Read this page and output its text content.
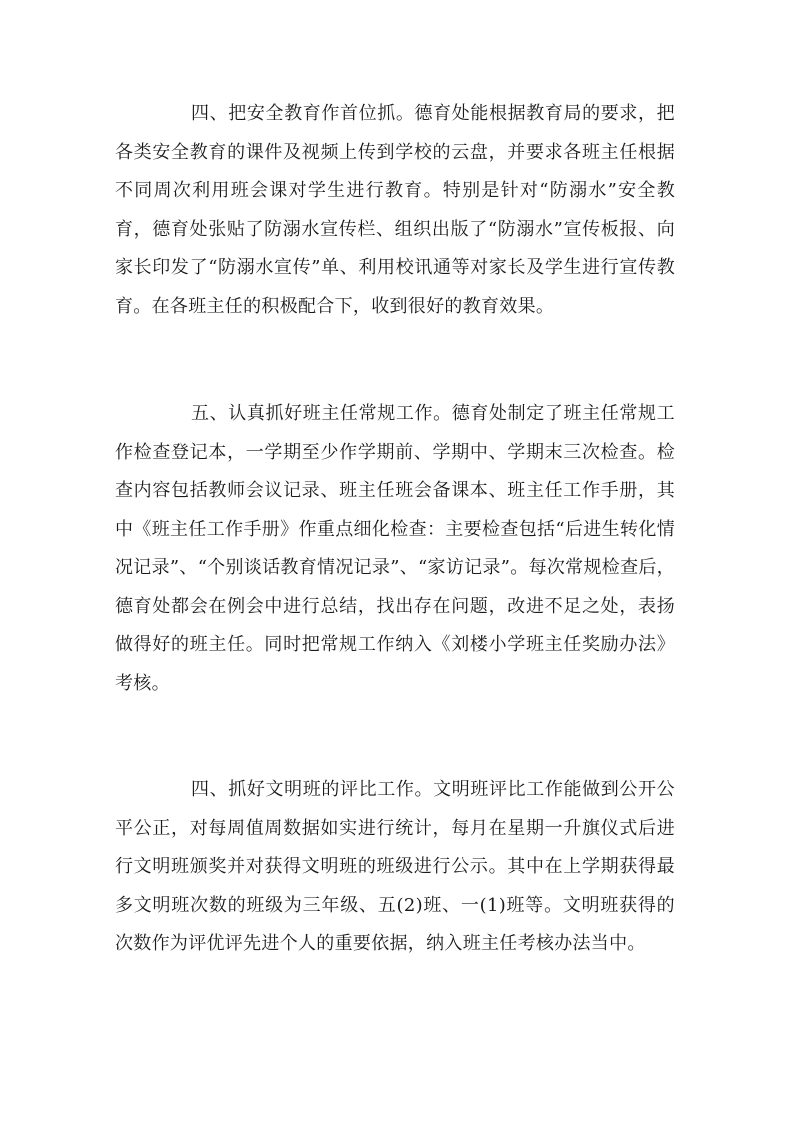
四、把安全教育作首位抓。德育处能根据教育局的要求，把各类安全教育的课件及视频上传到学校的云盘，并要求各班主任根据不同周次利用班会课对学生进行教育。特别是针对“防溺水”安全教育，德育处张贴了防溺水宣传栏、组织出版了“防溺水”宣传板报、向家长印发了“防溺水宣传”单、利用校讯通等对家长及学生进行宣传教育。在各班主任的积极配合下，收到很好的教育效果。

五、认真抓好班主任常规工作。德育处制定了班主任常规工作检查登记本，一学期至少作学期前、学期中、学期末三次检查。检查内容包括教师会议记录、班主任班会备课本、班主任工作手册，其中《班主任工作手册》作重点细化检查：主要检查包括“后进生转化情况记录”、“个别谈话教育情况记录”、“家访记录”。每次常规检查后，德育处都会在例会中进行总结，找出存在问题，改进不足之处，表扬做得好的班主任。同时把常规工作纳入《刘楼小学班主任奖励办法》考核。

四、抓好文明班的评比工作。文明班评比工作能做到公开公平公正，对每周值周数据如实进行统计，每月在星期一升旗仪式后进行文明班颁奖并对获得文明班的班级进行公示。其中在上学期获得最多文明班次数的班级为三年级、五(2)班、一(1)班等。文明班获得的次数作为评优评先进个人的重要依据，纳入班主任考核办法当中。
